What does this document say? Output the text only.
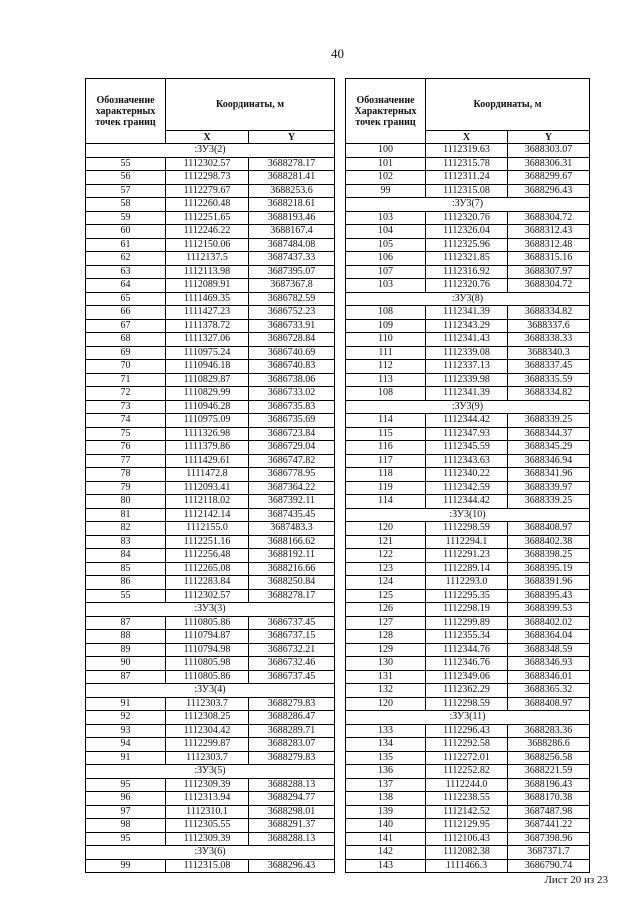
40
Обозначение
характерных
точек границ
Координаты, м
X	Y
:ЗУ3(2)
55	1112302.57	3688278.17
56	1112298.73	3688281.41
57	1112279.67	3688253.6
58	1112260.48	3688218.61
59	1112251.65	3688193.46
60	1112246.22	3688167.4
61	1112150.06	3687484.08
62	1112137.5	3687437.33
63	1112113.98	3687395.07
64	1112089.91	3687367.8
65	1111469.35	3686782.59
66	1111427.23	3686752.23
67	1111378.72	3686733.91
68	1111327.06	3686728.84
69	1110975.24	3686740.69
70	1110946.18	3686740.83
71	1110829.87	3686738.06
72	1110829.99	3686733.02
73	1110946.28	3686735.83
74	1110975.09	3686735.69
75	1111326.98	3686723.84
76	1111379.86	3686729.04
77	1111429.61	3686747.82
78	1111472.8	3686778.95
79	1112093.41	3687364.22
80	1112118.02	3687392.11
81	1112142.14	3687435.45
82	1112155.0	3687483.3
83	1112251.16	3688166.62
84	1112256.48	3688192.11
85	1112265.08	3688216.66
86	1112283.84	3688250.84
55	1112302.57	3688278.17
:ЗУ3(3)
87	1110805.86	3686737.45
88	1110794.87	3686737.15
89	1110794.98	3686732.21
90	1110805.98	3686732.46
87	1110805.86	3686737.45
:ЗУ3(4)
91	1112303.7	3688279.83
92	1112308.25	3688286.47
93	1112304.42	3688289.71
94	1112299.87	3688283.07
91	1112303.7	3688279.83
:ЗУ3(5)
95	1112309.39	3688288.13
96	1112313.94	3688294.77
97	1112310.1	3688298.01
98	1112305.55	3688291.37
95	1112309.39	3688288.13
:ЗУ3(6)
99	1112315.08	3688296.43
Обозначение
Характерных
точек границ
Координаты, м
X	Y
100	1112319.63	3688303.07
101	1112315.78	3688306.31
102	1112311.24	3688299.67
99	1112315.08	3688296.43
:ЗУ3(7)
103	1112320.76	3688304.72
104	1112326.04	3688312.43
105	1112325.96	3688312.48
106	1112321.85	3688315.16
107	1112316.92	3688307.97
103	1112320.76	3688304.72
:ЗУ3(8)
108	1112341.39	3688334.82
109	1112343.29	3688337.6
110	1112341.43	3688338.33
111	1112339.08	3688340.3
112	1112337.13	3688337.45
113	1112339.98	3688335.59
108	1112341.39	3688334.82
:ЗУ3(9)
114	1112344.42	3688339.25
115	1112347.93	3688344.37
116	1112345.59	3688345.29
117	1112343.63	3688346.94
118	1112340.22	3688341.96
119	1112342.59	3688339.97
114	1112344.42	3688339.25
:ЗУ3(10)
120	1112298.59	3688408.97
121	1112294.1	3688402.38
122	1112291.23	3688398.25
123	1112289.14	3688395.19
124	1112293.0	3688391.96
125	1112295.35	3688395.43
126	1112298.19	3688399.53
127	1112299.89	3688402.02
128	1112355.34	3688364.04
129	1112344.76	3688348.59
130	1112346.76	3688346.93
131	1112349.06	3688346.01
132	1112362.29	3688365.32
120	1112298.59	3688408.97
:ЗУ3(11)
133	1112296.43	3688283.36
134	1112292.58	3688286.6
135	1112272.01	3688256.58
136	1112252.82	3688221.59
137	1112244.0	3688196.43
138	1112238.55	3688170.38
139	1112142.52	3687487.98
140	1112129.95	3687441.22
141	1112106.43	3687398.96
142	1112082.38	3687371.7
143	1111466.3	3686790.74
Лист 20 из 23
